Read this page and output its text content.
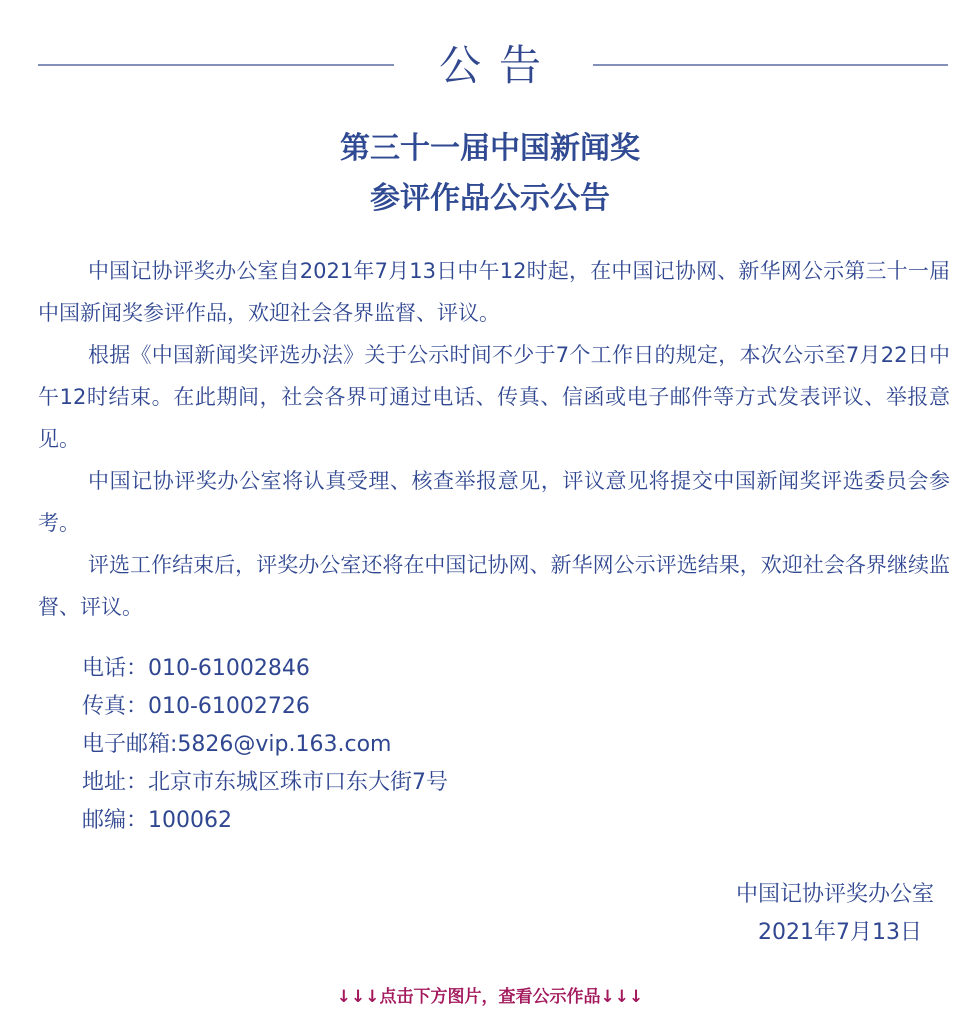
公告
第三十一届中国新闻奖
参评作品公示公告

中国记协评奖办公室自2021年7月13日中午12时起，在中国记协网、新华网公示第三十一届中国新闻奖参评作品，欢迎社会各界监督、评议。

根据《中国新闻奖评选办法》关于公示时间不少于7个工作日的规定，本次公示至7月22日中午12时结束。在此期间，社会各界可通过电话、传真、信函或电子邮件等方式发表评议、举报意见。

中国记协评奖办公室将认真受理、核查举报意见，评议意见将提交中国新闻奖评选委员会参考。

评选工作结束后，评奖办公室还将在中国记协网、新华网公示评选结果，欢迎社会各界继续监督、评议。

电话：010-61002846
传真：010-61002726
电子邮箱:5826@vip.163.com
地址：北京市东城区珠市口东大街7号
邮编：100062
中国记协评奖办公室
2021年7月13日
↓↓↓点击下方图片，查看公示作品↓↓↓
